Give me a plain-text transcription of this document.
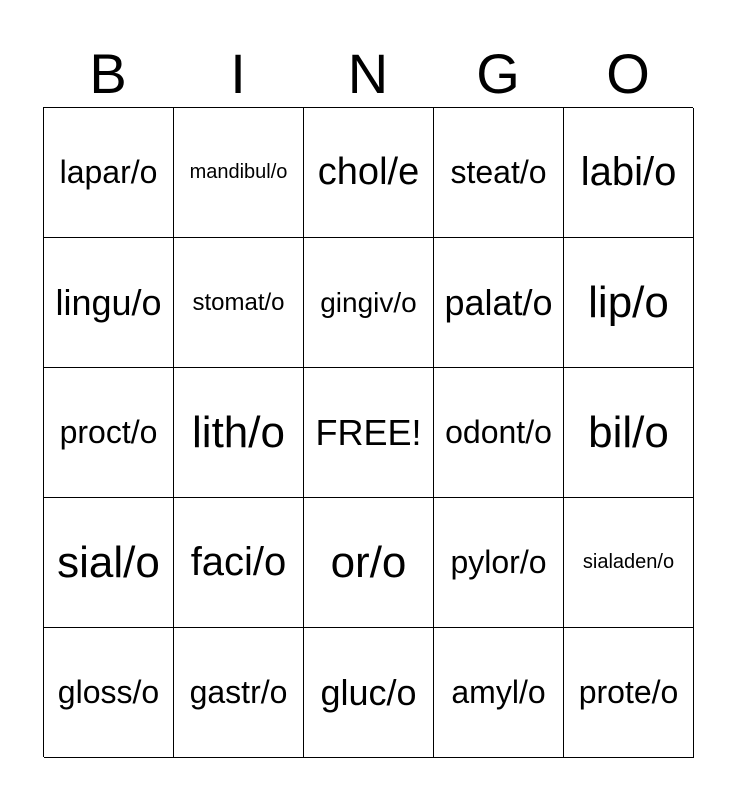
B	I	N	G	O
lapar/o	mandibul/o chol/e steat/o labi/o
lingu/o	stomat/o	gingiv/o palat/o lip/o
proct/o lith/o FREE! odont/o bil/o
sial/o faci/o	or/o	pylor/o	sialaden/o
gloss/o gastr/o gluc/o	amyl/o	prote/o
